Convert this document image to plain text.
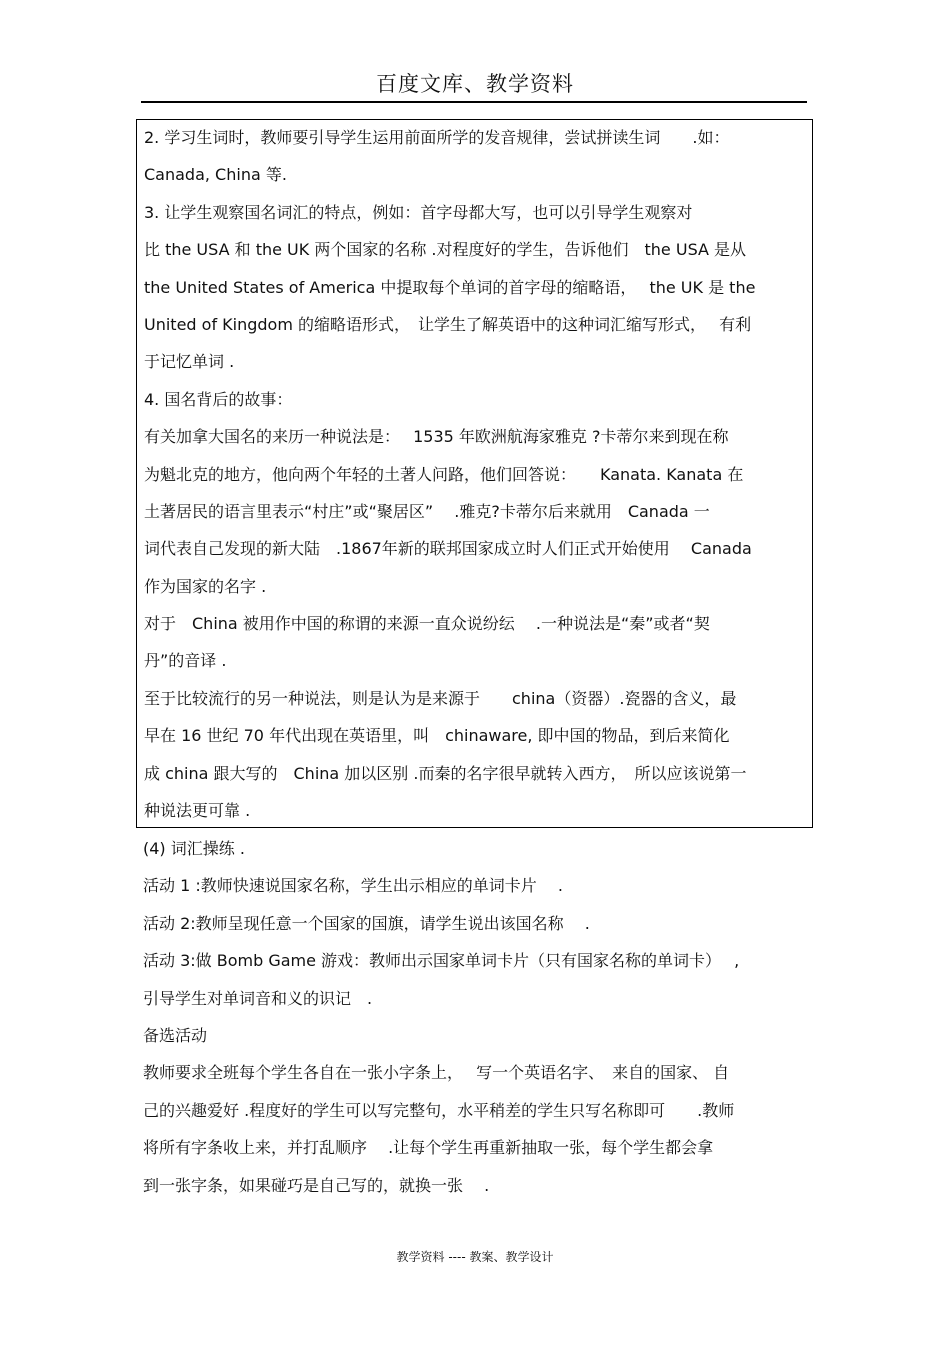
百度文库、教学资料
2. 学习生词时，教师要引导学生运用前面所学的发音规律，尝试拼读生词　　.如：
Canada, China 等.
3. 让学生观察国名词汇的特点，例如：首字母都大写，也可以引导学生观察对
比 the USA 和 the UK 两个国家的名称 .对程度好的学生，告诉他们　the USA 是从
the United States of America 中提取每个单词的首字母的缩略语，　 the UK 是 the
United of Kingdom 的缩略语形式，　让学生了解英语中的这种词汇缩写形式，　 有利
于记忆单词 .
4. 国名背后的故事：
有关加拿大国名的来历一种说法是：　 1535 年欧洲航海家雅克 ?卡蒂尔来到现在称
为魁北克的地方，他向两个年轻的土著人问路，他们回答说：　　Kanata. Kanata 在
土著居民的语言里表示“村庄”或“聚居区”　 .雅克?卡蒂尔后来就用　Canada 一
词代表自己发现的新大陆　.1867年新的联邦国家成立时人们正式开始使用　 Canada
作为国家的名字 .
对于　China 被用作中国的称谓的来源一直众说纷纭　 .一种说法是“秦”或者“契
丹”的音译 .
至于比较流行的另一种说法，则是认为是来源于　　china（资器）.瓷器的含义，最
早在 16 世纪 70 年代出现在英语里，叫　chinaware, 即中国的物品，到后来简化
成 china 跟大写的　China 加以区别 .而秦的名字很早就转入西方，　所以应该说第一
种说法更可靠 .
(4) 词汇操练 .
活动 1 :教师快速说国家名称，学生出示相应的单词卡片　 .
活动 2:教师呈现任意一个国家的国旗，请学生说出该国名称　 .
活动 3:做 Bomb Game 游戏：教师出示国家单词卡片（只有国家名称的单词卡）　 ,
引导学生对单词音和义的识记　.
备选活动
教师要求全班每个学生各自在一张小字条上，　 写一个英语名字、　来自的国家、 自
己的兴趣爱好 .程度好的学生可以写完整句，水平稍差的学生只写名称即可　　.教师
将所有字条收上来，并打乱顺序　 .让每个学生再重新抽取一张，每个学生都会拿
到一张字条，如果碰巧是自己写的，就换一张　 .
教学资料 ---- 教案、教学设计
